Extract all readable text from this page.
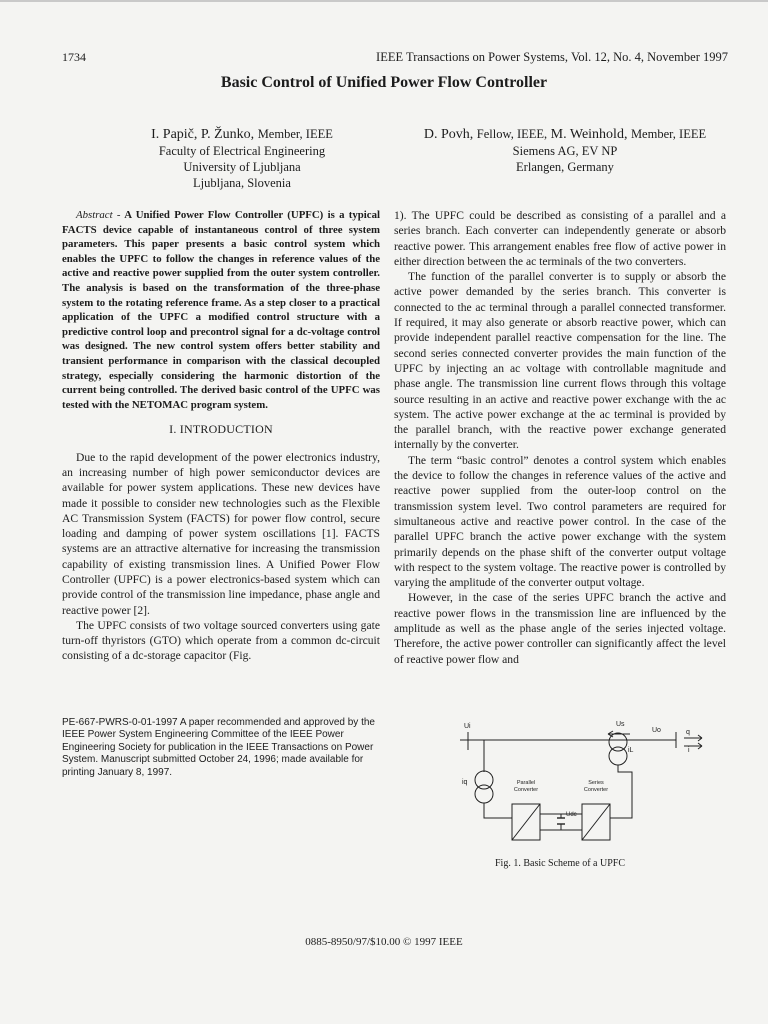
1734	IEEE Transactions on Power Systems, Vol. 12, No. 4, November 1997
Basic Control of Unified Power Flow Controller
I. Papič, P. Žunko, Member, IEEE
Faculty of Electrical Engineering
University of Ljubljana
Ljubljana, Slovenia
D. Povh, Fellow, IEEE, M. Weinhold, Member, IEEE
Siemens AG, EV NP
Erlangen, Germany

Abstract - A Unified Power Flow Controller (UPFC) is a typical FACTS device capable of instantaneous control of three system parameters. This paper presents a basic control system which enables the UPFC to follow the changes in reference values of the active and reactive power supplied from the outer system controller. The analysis is based on the transformation of the three-phase system to the rotating reference frame. As a step closer to a practical application of the UPFC a modified control structure with a predictive control loop and precontrol signal for a dc-voltage control was designed. The new control system offers better stability and transient performance in comparison with the classical decoupled strategy, especially considering the harmonic distortion of the current being controlled. The derived basic control of the UPFC was tested with the NETOMAC program system.

I. INTRODUCTION

Due to the rapid development of the power electronics industry, an increasing number of high power semiconductor devices are available for power system applications. These new devices have made it possible to consider new technologies such as the Flexible AC Transmission System (FACTS) for power flow control, secure loading and damping of power system oscillations [1]. FACTS systems are an attractive alternative for increasing the transmission capability of existing transmission lines. A Unified Power Flow Controller (UPFC) is a power electronics-based system which can provide control of the transmission line impedance, phase angle and reactive power [2].

The UPFC consists of two voltage sourced converters using gate turn-off thyristors (GTO) which operate from a common dc-circuit consisting of a dc-storage capacitor (Fig.

PE-667-PWRS-0-01-1997 A paper recommended and approved by the IEEE Power System Engineering Committee of the IEEE Power Engineering Society for publication in the IEEE Transactions on Power System. Manuscript submitted October 24, 1996; made available for printing January 8, 1997.

1). The UPFC could be described as consisting of a parallel and a series branch. Each converter can independently generate or absorb reactive power. This arrangement enables free flow of active power in either direction between the ac terminals of the two converters.

The function of the parallel converter is to supply or absorb the active power demanded by the series branch. This converter is connected to the ac terminal through a parallel connected transformer. If required, it may also generate or absorb reactive power, which can provide independent parallel reactive compensation for the line. The second series connected converter provides the main function of the UPFC by injecting an ac voltage with controllable magnitude and phase angle. The transmission line current flows through this voltage source resulting in an active and reactive power exchange with the ac system. The active power exchange at the ac terminal is provided by the parallel branch, with the reactive power exchange generated internally by the converter.

The term “basic control” denotes a control system which enables the device to follow the changes in reference values of the active and reactive power supplied from the outer-loop control on the transmission system level. Two control parameters are required for simultaneous active and reactive power control. In the case of the parallel UPFC branch the active power exchange with the system primarily depends on the phase shift of the converter output voltage with respect to the system voltage. The reactive power is controlled by varying the amplitude of the converter output voltage.

However, in the case of the series UPFC branch the active and reactive power flows in the transmission line are influenced by the amplitude as well as the phase angle of the series injected voltage. Therefore, the active power controller can significantly affect the level of reactive power flow and

Ui	Us
Uo	q
i
iL
iq
Udc
Parallel
Converter
Series
Converter
Fig. 1. Basic Scheme of a UPFC
0885-8950/97/$10.00 © 1997 IEEE
